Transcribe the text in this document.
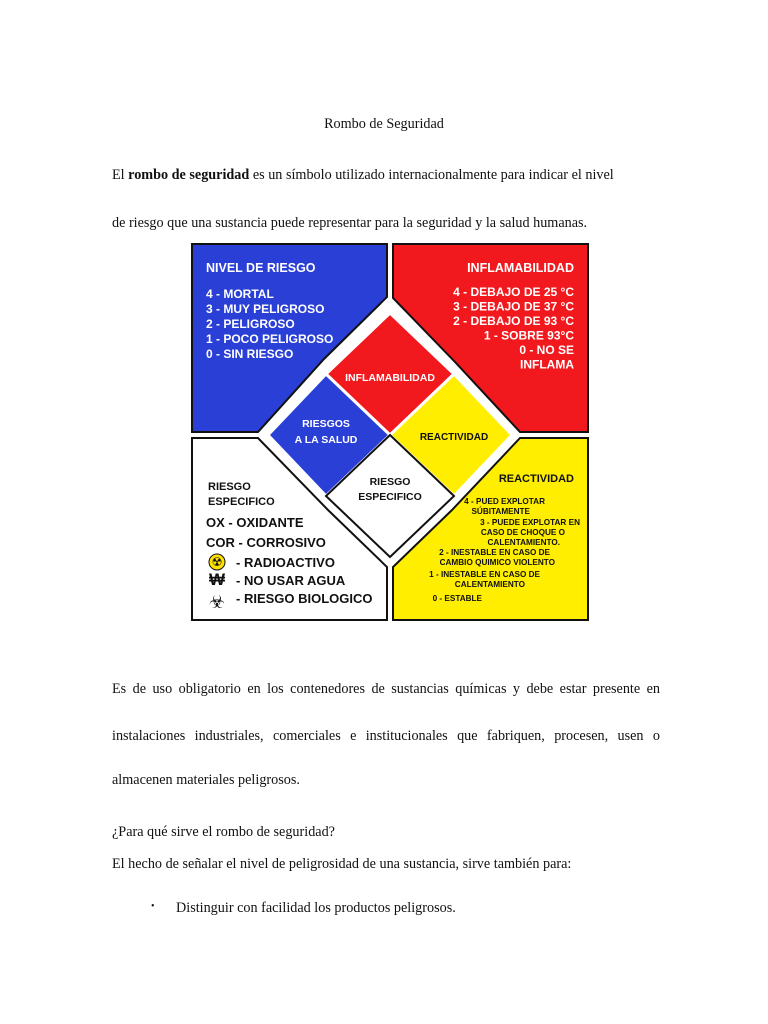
Rombo de Seguridad
El rombo de seguridad es un símbolo utilizado internacionalmente para indicar el nivel
de riesgo que una sustancia puede representar para la seguridad y la salud humanas.
NIVEL DE RIESGO
4 - MORTAL
3 - MUY PELIGROSO
2 - PELIGROSO
1 - POCO PELIGROSO
0 - SIN RIESGO
INFLAMABILIDAD
4 - DEBAJO DE 25 °C
3 - DEBAJO DE 37 °C
2 - DEBAJO DE 93 °C
1 - SOBRE 93°C
0 - NO SE
INFLAMA
RIESGO
ESPECIFICO
OX - OXIDANTE
COR - CORROSIVO
- RADIOACTIVO
- NO USAR AGUA
- RIESGO BIOLOGICO
☢
₩
☣
REACTIVIDAD
4 - PUED EXPLOTAR
SÚBITAMENTE
3 - PUEDE EXPLOTAR EN
CASO DE CHOQUE O
CALENTAMIENTO.
2 - INESTABLE EN CASO DE
CAMBIO QUIMICO VIOLENTO
1 - INESTABLE EN CASO DE
CALENTAMIENTO
0 - ESTABLE
INFLAMABILIDAD
RIESGOS
A LA SALUD	REACTIVIDAD
RIESGO
ESPECIFICO
Es de uso obligatorio en los contenedores de sustancias químicas y debe estar presente en
instalaciones industriales, comerciales e institucionales que fabriquen, procesen, usen o
almacenen materiales peligrosos.
¿Para qué sirve el rombo de seguridad?
El hecho de señalar el nivel de peligrosidad de una sustancia, sirve también para:
• Distinguir con facilidad los productos peligrosos.
